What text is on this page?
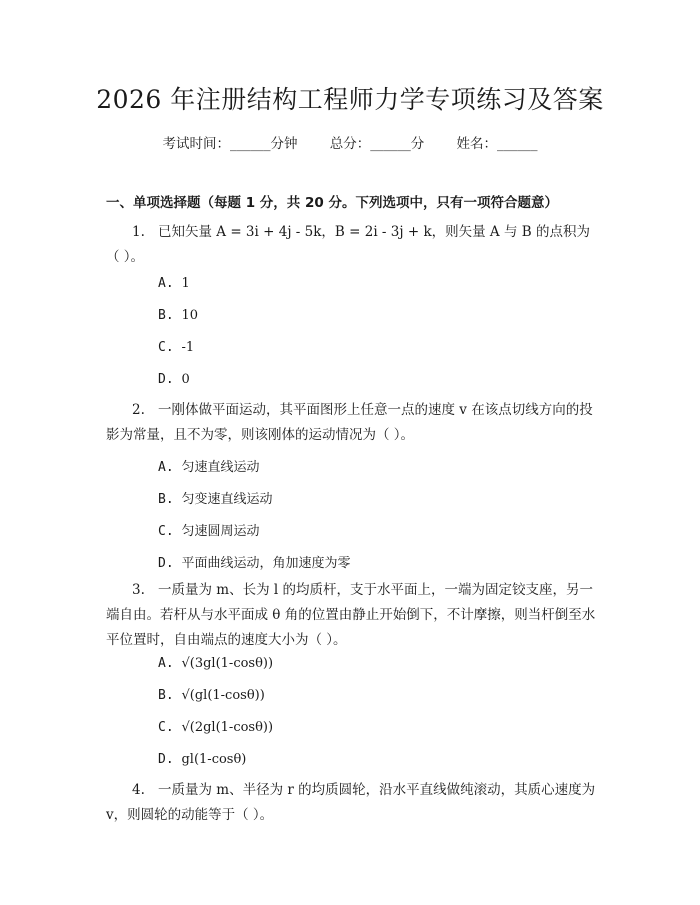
2026 年注册结构工程师力学专项练习及答案
考试时间：______分钟 总分：______分 姓名：______
一、单项选择题（每题 1 分，共 20 分。下列选项中，只有一项符合题意）
1. 已知矢量 A = 3i + 4j - 5k，B = 2i - 3j + k，则矢量 A 与 B 的点积为（ ）。
A. 1
B. 10
C. -1
D. 0
2. 一刚体做平面运动，其平面图形上任意一点的速度 v 在该点切线方向的投影为常量，且不为零，则该刚体的运动情况为（ ）。
A. 匀速直线运动
B. 匀变速直线运动
C. 匀速圆周运动
D. 平面曲线运动，角加速度为零
3. 一质量为 m、长为 l 的均质杆，支于水平面上，一端为固定铰支座，另一端自由。若杆从与水平面成 θ 角的位置由静止开始倒下，不计摩擦，则当杆倒至水平位置时，自由端点的速度大小为（ ）。
A. √(3gl(1-cosθ))
B. √(gl(1-cosθ))
C. √(2gl(1-cosθ))
D. gl(1-cosθ)
4. 一质量为 m、半径为 r 的均质圆轮，沿水平直线做纯滚动，其质心速度为 v，则圆轮的动能等于（ ）。
